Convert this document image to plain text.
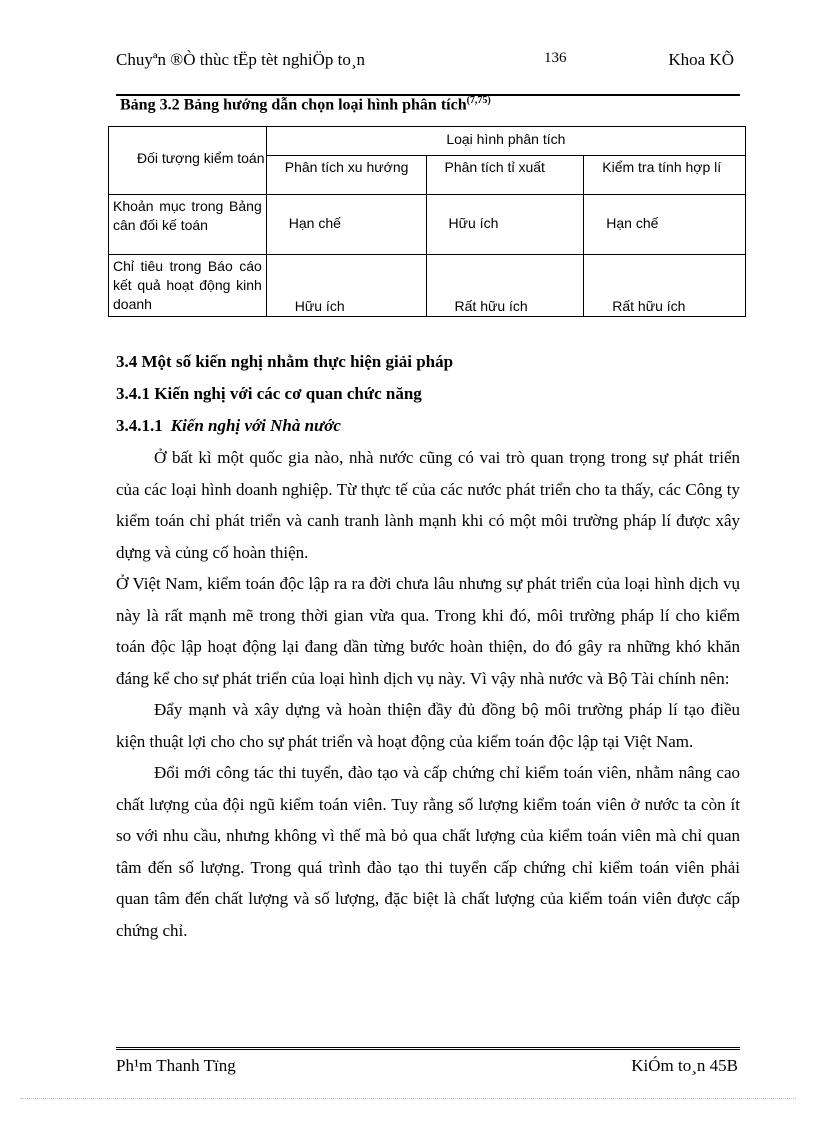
Chuyªn ®Ò thùc tËp tèt nghiÖp to¸n	136	Khoa KÕ
Bảng 3.2 Bảng hướng dẫn chọn loại hình phân tích$^{(7,75)}$
Đối tượng kiểm toán	Loại hình phân tích		

	Phân tích xu hướng	Phân tích tỉ xuất	Kiểm tra tính hợp lí

Khoản mục trong Bảng cân đối kế toán	Hạn chế	Hữu ích	Hạn chế

Chỉ tiêu trong Báo cáo kết quả hoạt động kinh doanh	Hữu ích	Rất hữu ích	Rất hữu ích
3.4 Một số kiến nghị nhằm thực hiện giải pháp
3.4.1 Kiến nghị với các cơ quan chức năng
3.4.1.1 Kiến nghị với Nhà nước

Ở bất kì một quốc gia nào, nhà nước cũng có vai trò quan trọng trong sự phát triển của các loại hình doanh nghiệp. Từ thực tế của các nước phát triển cho ta thấy, các Công ty kiểm toán chỉ phát triển và canh tranh lành mạnh khi có một môi trường pháp lí được xây dựng và củng cố hoàn thiện.

Ở Việt Nam, kiểm toán độc lập ra ra đời chưa lâu nhưng sự phát triển của loại hình dịch vụ này là rất mạnh mẽ trong thời gian vừa qua. Trong khi đó, môi trường pháp lí cho kiểm toán độc lập hoạt động lại đang dần từng bước hoàn thiện, do đó gây ra những khó khăn đáng kể cho sự phát triển của loại hình dịch vụ này. Vì vậy nhà nước và Bộ Tài chính nên:

Đẩy mạnh và xây dựng và hoàn thiện đầy đủ đồng bộ môi trường pháp lí tạo điều kiện thuật lợi cho cho sự phát triển và hoạt động của kiểm toán độc lập tại Việt Nam.

Đổi mới công tác thi tuyển, đào tạo và cấp chứng chỉ kiểm toán viên, nhằm nâng cao chất lượng của đội ngũ kiểm toán viên. Tuy rằng số lượng kiểm toán viên ở nước ta còn ít so với nhu cầu, nhưng không vì thế mà bỏ qua chất lượng của kiểm toán viên mà chỉ quan tâm đến số lượng. Trong quá trình đào tạo thi tuyển cấp chứng chỉ kiểm toán viên phải quan tâm đến chất lượng và số lượng, đặc biệt là chất lượng của kiểm toán viên được cấp chứng chỉ.

Ph¹m Thanh Tïng	KiÓm to¸n 45B
